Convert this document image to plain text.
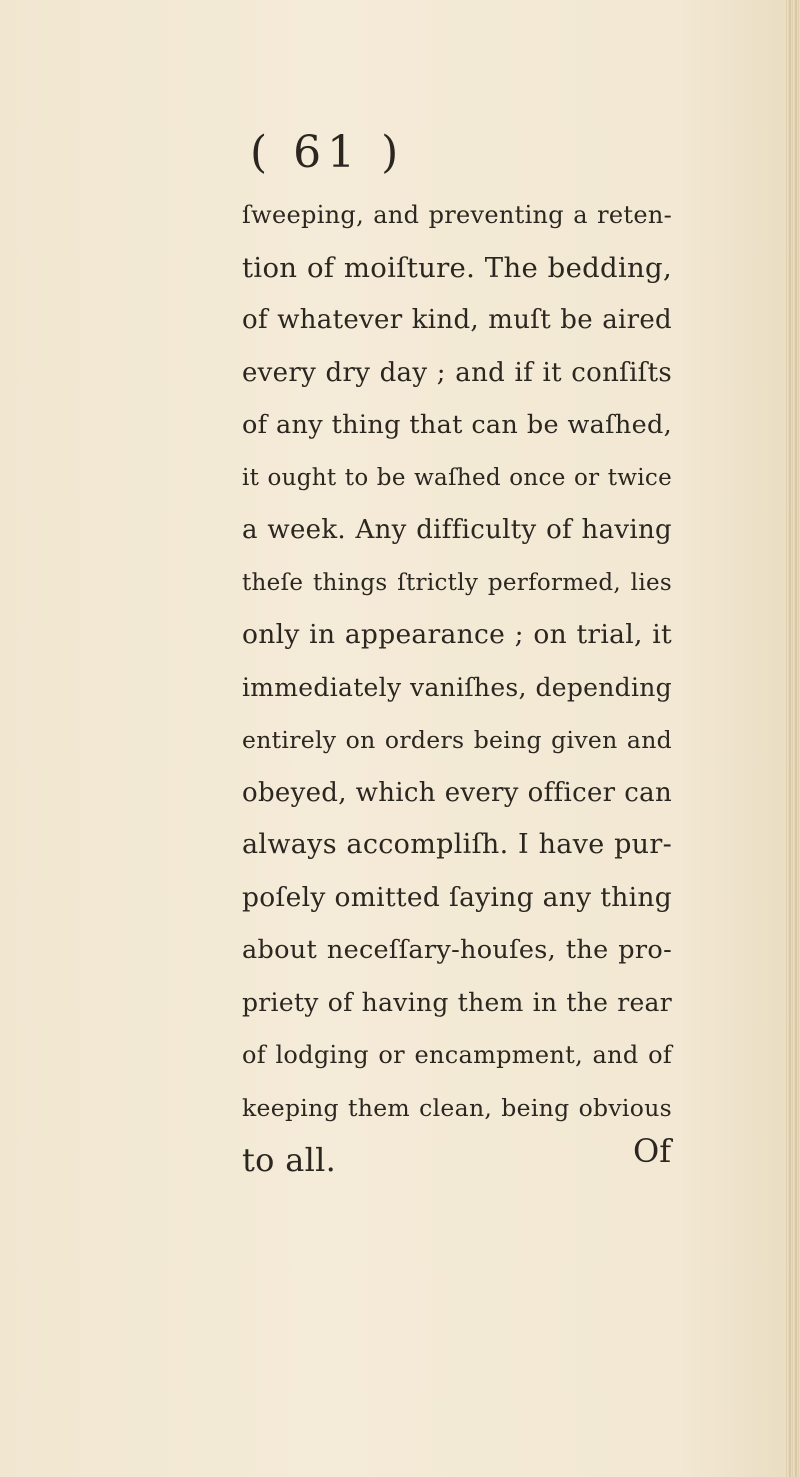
( 61 )
ſweeping, and preventing a reten-
tion of moiſture. The bedding,
of whatever kind, muſt be aired
every dry day ; and if it conſiſts
of any thing that can be waſhed,
it ought to be waſhed once or twice
a week. Any difficulty of having
theſe things ſtrictly performed, lies
only in appearance ; on trial, it
immediately vaniſhes, depending
entirely on orders being given and
obeyed, which every officer can
always accompliſh. I have pur-
poſely omitted ſaying any thing
about neceſſary-houſes, the pro-
priety of having them in the rear
of lodging or encampment, and of
keeping them clean, being obvious
to all.	Of
